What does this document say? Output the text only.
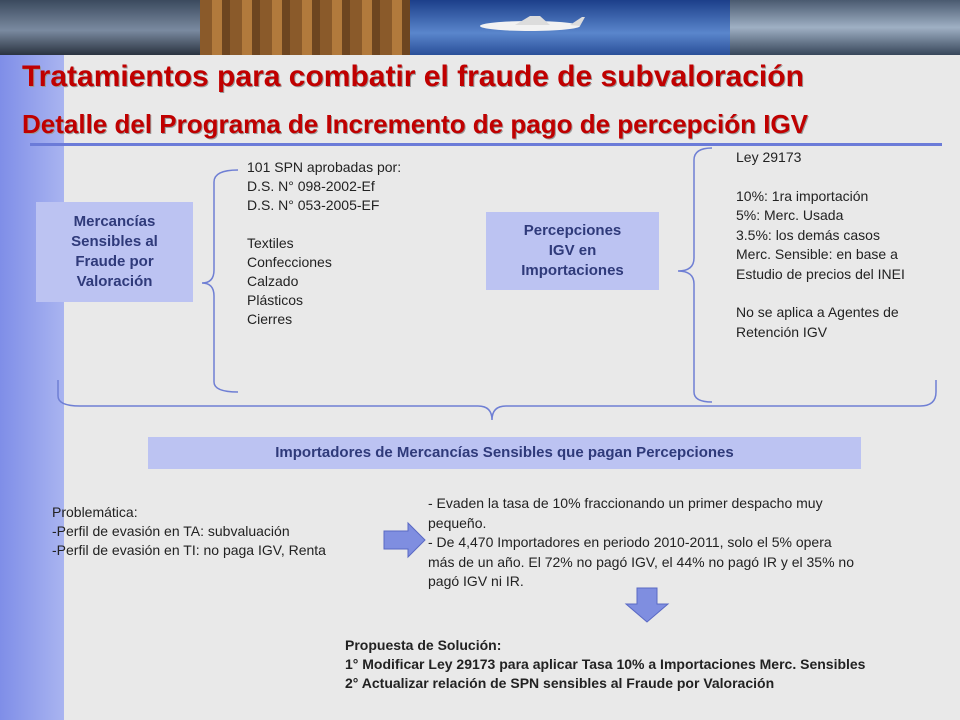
Tratamientos para combatir el fraude de subvaloración
Detalle del Programa de Incremento de pago de percepción IGV
Mercancías
Sensibles al
Fraude por
Valoración
101 SPN aprobadas por:
D.S. N° 098-2002-Ef
D.S. N° 053-2005-EF
Textiles
Confecciones
Calzado
Plásticos
Cierres
Percepciones
IGV en
Importaciones
Ley 29173
10%: 1ra importación
5%: Merc. Usada
3.5%: los demás casos
Merc. Sensible: en base a
Estudio de precios del INEI
No se aplica a Agentes de
Retención IGV
Importadores de Mercancías Sensibles que pagan Percepciones
Problemática:
-Perfil de evasión en TA: subvaluación
-Perfil de evasión en TI: no paga IGV, Renta
- Evaden la tasa de 10% fraccionando un primer despacho muy
pequeño.
- De 4,470 Importadores en periodo 2010-2011, solo el 5% opera
más de un año. El 72% no pagó IGV, el 44% no pagó IR y el 35% no
pagó IGV ni IR.
Propuesta de Solución:
1° Modificar Ley 29173 para aplicar Tasa 10% a Importaciones Merc. Sensibles
2° Actualizar relación de SPN sensibles al Fraude por Valoración
